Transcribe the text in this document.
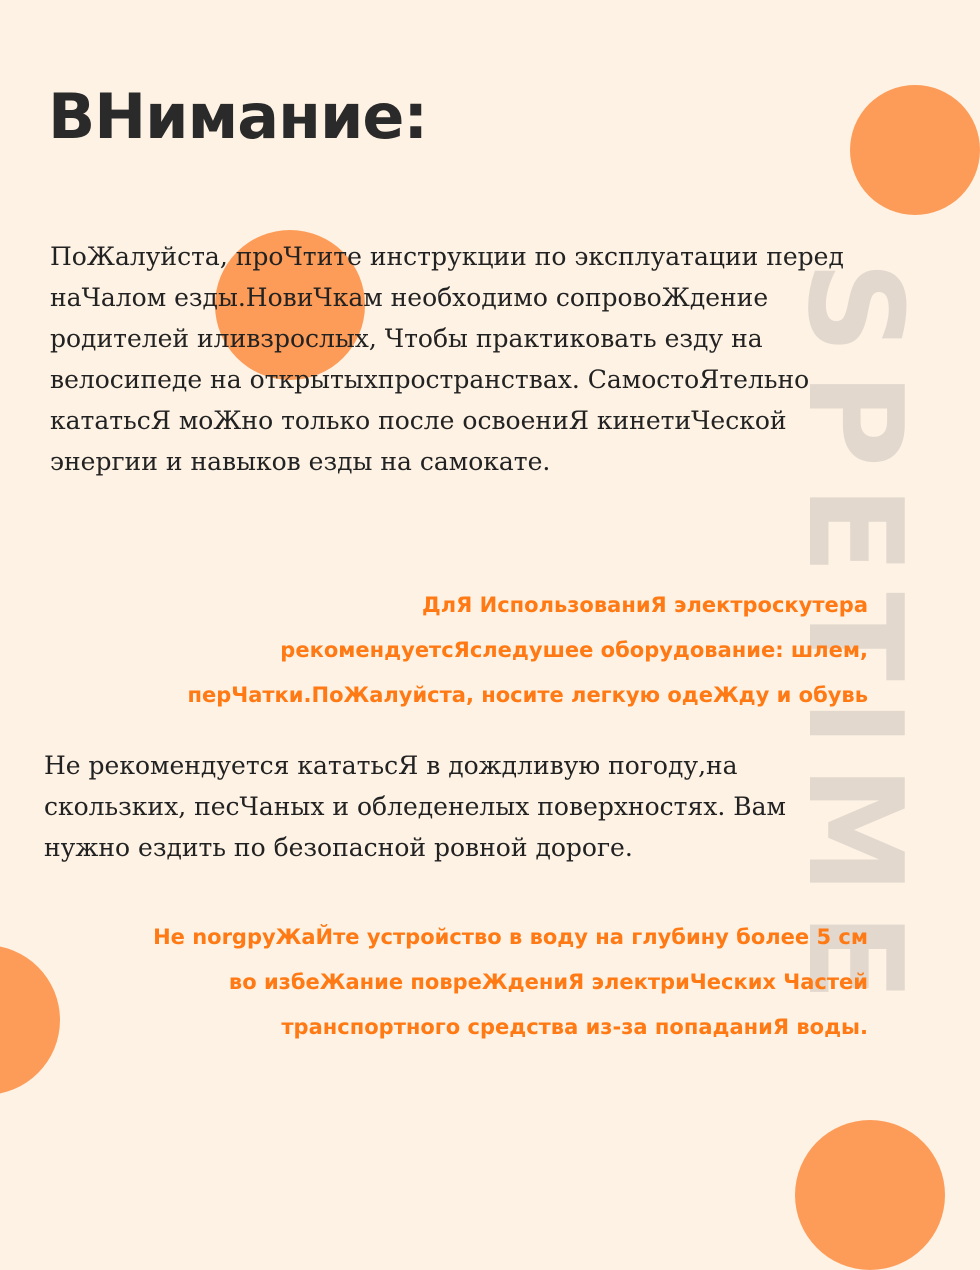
SPETIME
ВНимание:

ПоЖалуйста, проЧтите инструкции по эксплуатации перед наЧалом езды.НовиЧкам необходимо сопровоЖдение родителей иливзрослых, Чтобы практиковать езду на велосипеде на открытыхпространствах. СамостоЯтельно кататьсЯ моЖно только после освоениЯ кинетиЧеской энергии и навыков езды на самокате.

ДлЯ ИспользованиЯ электроскутера
рекомендуетсЯследушее оборудование: шлем,
перЧатки.ПоЖалуйста, носите легкую одеЖду и обувь

Не рекомендуется кататьсЯ в дождливую погоду,на скользких, песЧаных и обледенелых поверхностях. Вам нужно ездить по безопасной ровной дороге.

Не norgруЖаЙте устройство в воду на глубину более 5 см
во избеЖание повреЖдениЯ электриЧеских Частей
транспортного средства из-за попаданиЯ воды.
